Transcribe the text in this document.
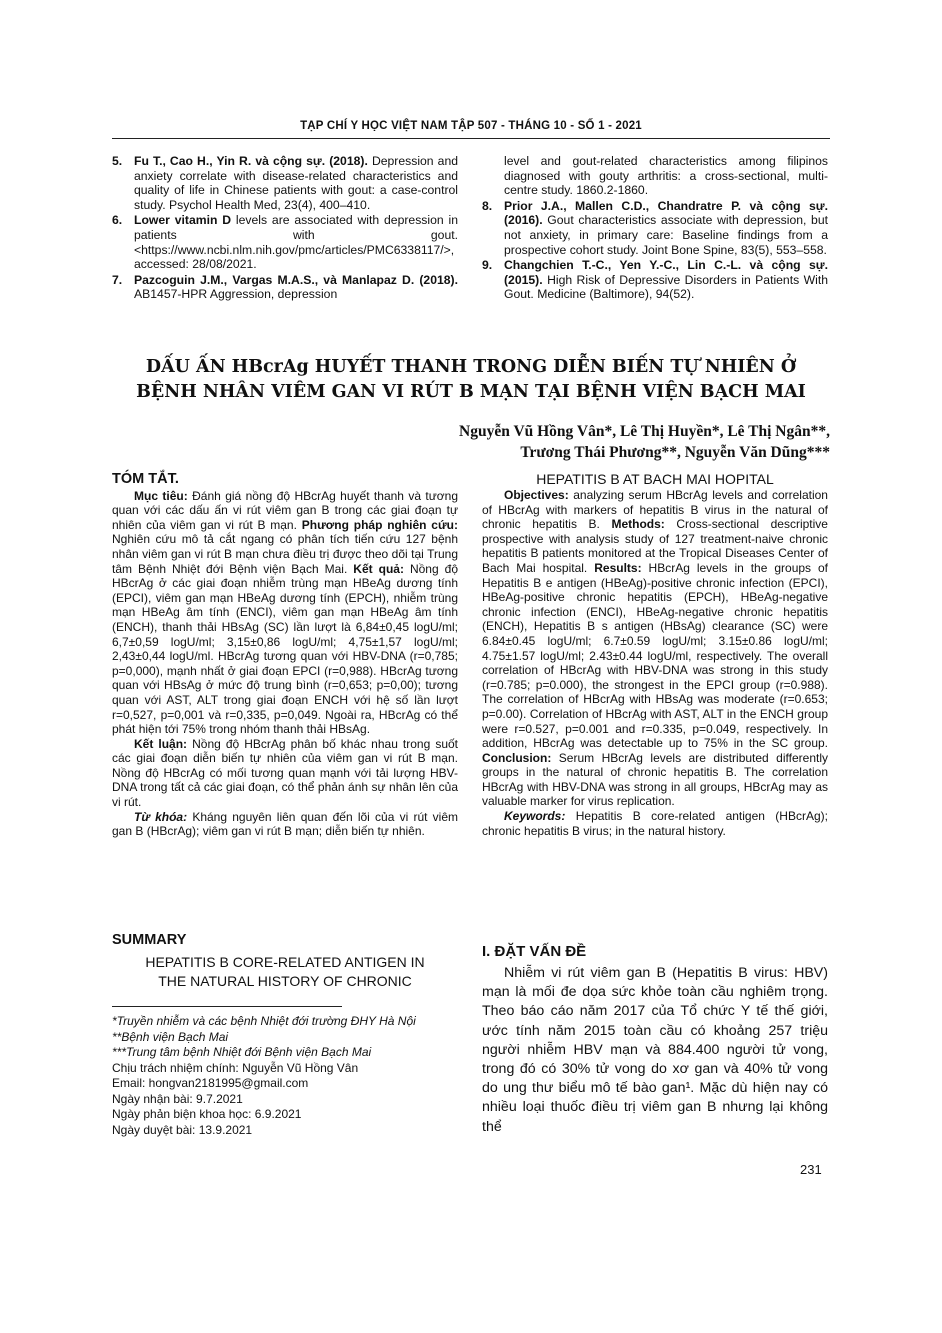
TẠP CHÍ Y HỌC VIỆT NAM TẬP 507 - THÁNG 10 - SỐ 1 - 2021
5. Fu T., Cao H., Yin R. và cộng sự. (2018). Depression and anxiety correlate with disease-related characteristics and quality of life in Chinese patients with gout: a case-control study. Psychol Health Med, 23(4), 400–410.
6. Lower vitamin D levels are associated with depression in patients with gout. <https://www.ncbi.nlm.nih.gov/pmc/articles/PMC6338117/>, accessed: 28/08/2021.
7. Pazcoguin J.M., Vargas M.A.S., và Manlapaz D. (2018). AB1457-HPR Aggression, depression
level and gout-related characteristics among filipinos diagnosed with gouty arthritis: a cross-sectional, multi-centre study. 1860.2-1860.
8. Prior J.A., Mallen C.D., Chandratre P. và cộng sự. (2016). Gout characteristics associate with depression, but not anxiety, in primary care: Baseline findings from a prospective cohort study. Joint Bone Spine, 83(5), 553–558.
9. Changchien T.-C., Yen Y.-C., Lin C.-L. và cộng sự. (2015). High Risk of Depressive Disorders in Patients With Gout. Medicine (Baltimore), 94(52).
DẤU ẤN HBcrAg HUYẾT THANH TRONG DIỄN BIẾN TỰ NHIÊN Ở
BỆNH NHÂN VIÊM GAN VI RÚT B MẠN TẠI BỆNH VIỆN BẠCH MAI
Nguyễn Vũ Hồng Vân*, Lê Thị Huyền*, Lê Thị Ngân**,
Trương Thái Phương**, Nguyễn Văn Dũng***
TÓM TẮT.

Mục tiêu: Đánh giá nồng độ HBcrAg huyết thanh và tương quan với các dấu ấn vi rút viêm gan B trong các giai đoạn tự nhiên của viêm gan vi rút B mạn. Phương pháp nghiên cứu: Nghiên cứu mô tả cắt ngang có phân tích tiến cứu 127 bệnh nhân viêm gan vi rút B mạn chưa điều trị được theo dõi tại Trung tâm Bệnh Nhiệt đới Bệnh viện Bạch Mai. Kết quả: Nồng độ HBcrAg ở các giai đoạn nhiễm trùng mạn HBeAg dương tính (EPCI), viêm gan mạn HBeAg dương tính (EPCH), nhiễm trùng mạn HBeAg âm tính (ENCI), viêm gan mạn HBeAg âm tính (ENCH), thanh thải HBsAg (SC) lần lượt là 6,84±0,45 logU/ml; 6,7±0,59 logU/ml; 3,15±0,86 logU/ml; 4,75±1,57 logU/ml; 2,43±0,44 logU/ml. HBcrAg tương quan với HBV-DNA (r=0,785; p=0,000), mạnh nhất ở giai đoạn EPCI (r=0,988). HBcrAg tương quan với HBsAg ở mức độ trung bình (r=0,653; p=0,00); tương quan với AST, ALT trong giai đoạn ENCH với hệ số lần lượt r=0,527, p=0,001 và r=0,335, p=0,049. Ngoài ra, HBcrAg có thể phát hiện tới 75% trong nhóm thanh thải HBsAg.

Kết luận: Nồng độ HBcrAg phân bố khác nhau trong suốt các giai đoạn diễn biến tự nhiên của viêm gan vi rút B mạn. Nồng độ HBcrAg có mối tương quan mạnh với tải lượng HBV-DNA trong tất cả các giai đoạn, có thể phản ánh sự nhân lên của vi rút.

Từ khóa: Kháng nguyên liên quan đến lõi của vi rút viêm gan B (HBcrAg); viêm gan vi rút B mạn; diễn biến tự nhiên.

SUMMARY
HEPATITIS B CORE-RELATED ANTIGEN IN
THE NATURAL HISTORY OF CHRONIC
*Truyền nhiễm và các bệnh Nhiệt đới trường ĐHY Hà Nội
**Bệnh viện Bạch Mai
***Trung tâm bệnh Nhiệt đới Bệnh viện Bạch Mai
Chịu trách nhiệm chính: Nguyễn Vũ Hồng Vân
Email: hongvan2181995@gmail.com
Ngày nhận bài: 9.7.2021
Ngày phản biện khoa học: 6.9.2021
Ngày duyệt bài: 13.9.2021
HEPATITIS B AT BACH MAI HOPITAL

Objectives: analyzing serum HBcrAg levels and correlation of HBcrAg with markers of hepatitis B virus in the natural of chronic hepatitis B. Methods: Cross-sectional descriptive prospective with analysis study of 127 treatment-naive chronic hepatitis B patients monitored at the Tropical Diseases Center of Bach Mai hospital. Results: HBcrAg levels in the groups of Hepatitis B e antigen (HBeAg)-positive chronic infection (EPCI), HBeAg-positive chronic hepatitis (EPCH), HBeAg-negative chronic infection (ENCI), HBeAg-negative chronic hepatitis (ENCH), Hepatitis B s antigen (HBsAg) clearance (SC) were 6.84±0.45 logU/ml; 6.7±0.59 logU/ml; 3.15±0.86 logU/ml; 4.75±1.57 logU/ml; 2.43±0.44 logU/ml, respectively. The overall correlation of HBcrAg with HBV-DNA was strong in this study (r=0.785; p=0.000), the strongest in the EPCI group (r=0.988). The correlation of HBcrAg with HBsAg was moderate (r=0.653; p=0.00). Correlation of HBcrAg with AST, ALT in the ENCH group were r=0.527, p=0.001 and r=0.335, p=0.049, respectively. In addition, HBcrAg was detectable up to 75% in the SC group. Conclusion: Serum HBcrAg levels are distributed differently groups in the natural of chronic hepatitis B. The correlation HBcrAg with HBV-DNA was strong in all groups, HBcrAg may as valuable marker for virus replication.

Keywords: Hepatitis B core-related antigen (HBcrAg); chronic hepatitis B virus; in the natural history.

I. ĐẶT VẤN ĐỀ

Nhiễm vi rút viêm gan B (Hepatitis B virus: HBV) mạn là mối đe dọa sức khỏe toàn cầu nghiêm trọng. Theo báo cáo năm 2017 của Tổ chức Y tế thế giới, ước tính năm 2015 toàn cầu có khoảng 257 triệu người nhiễm HBV mạn và 884.400 người tử vong, trong đó có 30% tử vong do xơ gan và 40% tử vong do ung thư biểu mô tế bào gan¹. Mặc dù hiện nay có nhiều loại thuốc điều trị viêm gan B nhưng lại không thể

231
